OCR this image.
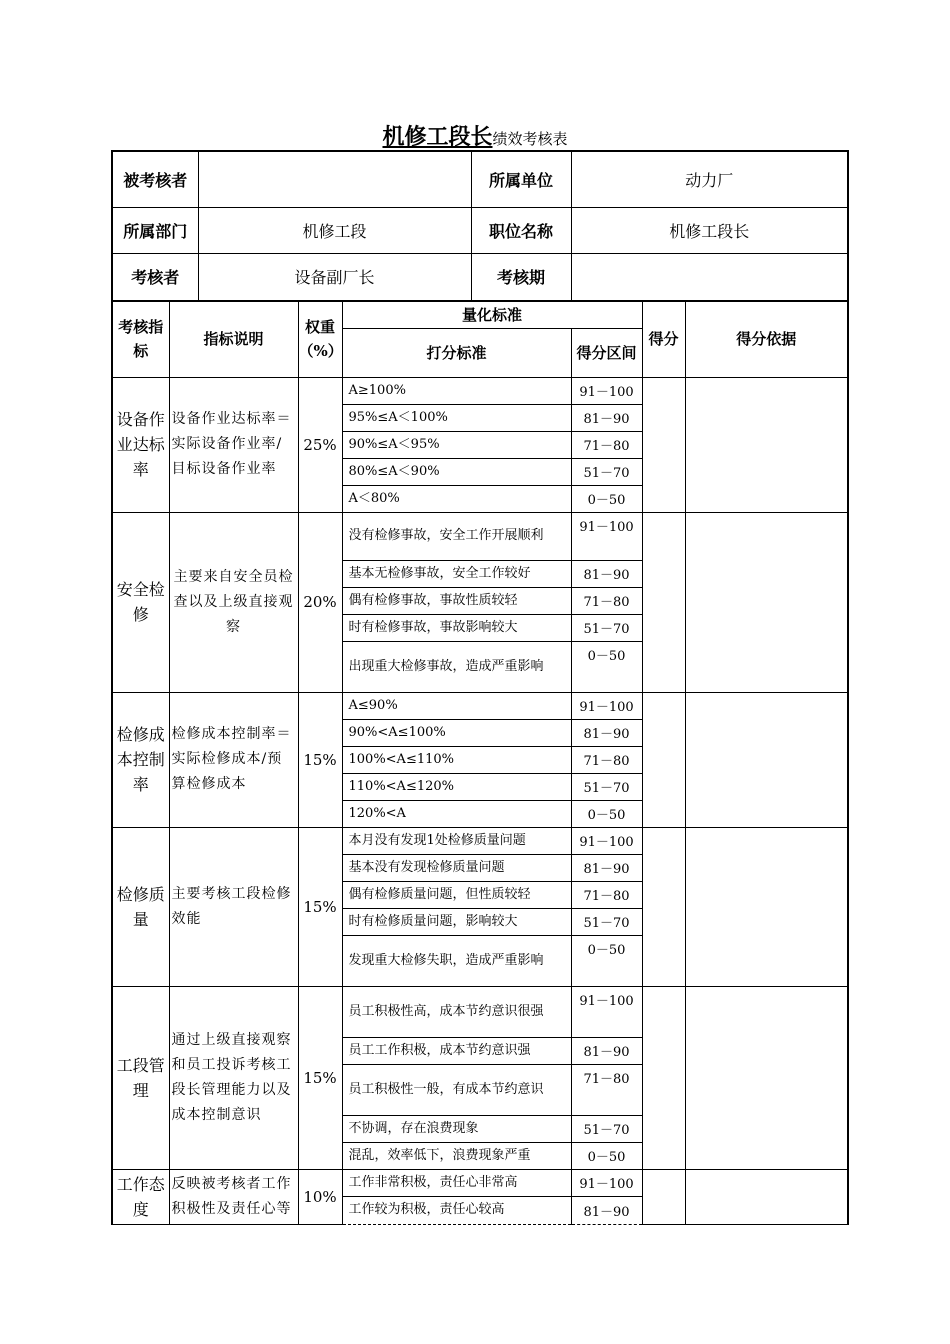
机修工段长绩效考核表
被考核者		所属单位	动力厂
所属部门	机修工段	职位名称	机修工段长
考核者	设备副厂长	考核期	
考核指标	指标说明	权重（%）	量化标准		得分	得分依据
			打分标准	得分区间		
设备作业达标率	设备作业达标率＝实际设备作业率/目标设备作业率	25%	A≥100%	91－100		
			95%≤A＜100%	81－90		
			90%≤A＜95%	71－80		
			80%≤A＜90%	51－70		
			A＜80%	0－50		
安全检修	主要来自安全员检查以及上级直接观察	20%	没有检修事故，安全工作开展顺利	91－100		
			基本无检修事故，安全工作较好	81－90		
			偶有检修事故，事故性质较轻	71－80		
			时有检修事故，事故影响较大	51－70		
			出现重大检修事故，造成严重影响	0－50		
检修成本控制率	检修成本控制率＝实际检修成本/预算检修成本	15%	A≤90%	91－100		
			90%<A≤100%	81－90		
			100%<A≤110%	71－80		
			110%<A≤120%	51－70		
			120%<A	0－50		
检修质量	主要考核工段检修效能	15%	本月没有发现1处检修质量问题	91－100		
			基本没有发现检修质量问题	81－90		
			偶有检修质量问题，但性质较轻	71－80		
			时有检修质量问题，影响较大	51－70		
			发现重大检修失职，造成严重影响	0－50		
工段管理	通过上级直接观察和员工投诉考核工段长管理能力以及成本控制意识	15%	员工积极性高，成本节约意识很强	91－100		
			员工工作积极，成本节约意识强	81－90		
			员工积极性一般，有成本节约意识	71－80		
			不协调，存在浪费现象	51－70		
			混乱，效率低下，浪费现象严重	0－50		
工作态度	反映被考核者工作积极性及责任心等	10%	工作非常积极，责任心非常高	91－100		
			工作较为积极，责任心较高	81－90		
